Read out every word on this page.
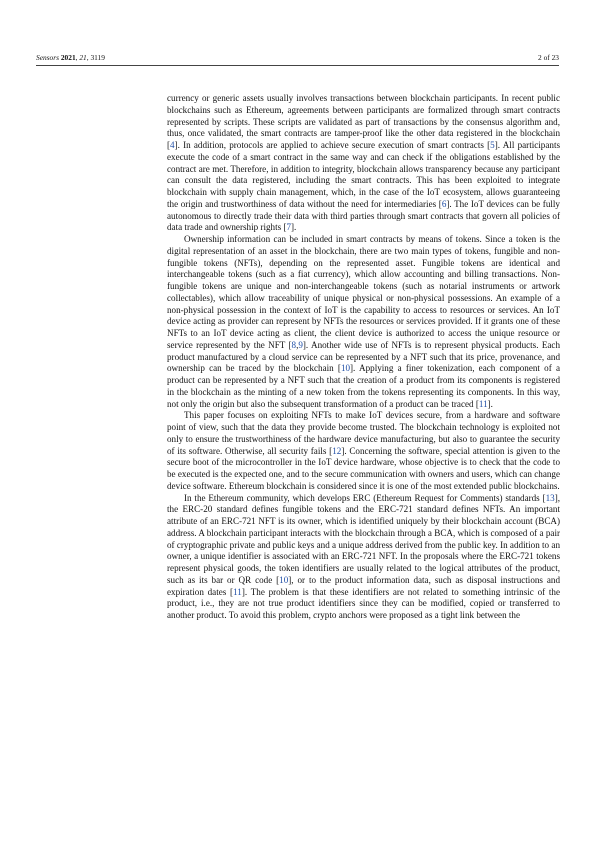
Sensors 2021, 21, 3119	2 of 23

currency or generic assets usually involves transactions between blockchain participants. In recent public blockchains such as Ethereum, agreements between participants are formalized through smart contracts represented by scripts. These scripts are validated as part of transactions by the consensus algorithm and, thus, once validated, the smart contracts are tamper-proof like the other data registered in the blockchain [4]. In addition, protocols are applied to achieve secure execution of smart contracts [5]. All participants execute the code of a smart contract in the same way and can check if the obligations established by the contract are met. Therefore, in addition to integrity, blockchain allows transparency because any participant can consult the data registered, including the smart contracts. This has been exploited to integrate blockchain with supply chain management, which, in the case of the IoT ecosystem, allows guaranteeing the origin and trustworthiness of data without the need for intermediaries [6]. The IoT devices can be fully autonomous to directly trade their data with third parties through smart contracts that govern all policies of data trade and ownership rights [7].

Ownership information can be included in smart contracts by means of tokens. Since a token is the digital representation of an asset in the blockchain, there are two main types of tokens, fungible and non-fungible tokens (NFTs), depending on the represented asset. Fungible tokens are identical and interchangeable tokens (such as a fiat currency), which allow accounting and billing transactions. Non-fungible tokens are unique and non-interchangeable tokens (such as notarial instruments or artwork collectables), which allow traceability of unique physical or non-physical possessions. An example of a non-physical possession in the context of IoT is the capability to access to resources or services. An IoT device acting as provider can represent by NFTs the resources or services provided. If it grants one of these NFTs to an IoT device acting as client, the client device is authorized to access the unique resource or service represented by the NFT [8,9]. Another wide use of NFTs is to represent physical products. Each product manufactured by a cloud service can be represented by a NFT such that its price, provenance, and ownership can be traced by the blockchain [10]. Applying a finer tokenization, each component of a product can be represented by a NFT such that the creation of a product from its components is registered in the blockchain as the minting of a new token from the tokens representing its components. In this way, not only the origin but also the subsequent transformation of a product can be traced [11].

This paper focuses on exploiting NFTs to make IoT devices secure, from a hardware and software point of view, such that the data they provide become trusted. The blockchain technology is exploited not only to ensure the trustworthiness of the hardware device manufacturing, but also to guarantee the security of its software. Otherwise, all security fails [12]. Concerning the software, special attention is given to the secure boot of the microcontroller in the IoT device hardware, whose objective is to check that the code to be executed is the expected one, and to the secure communication with owners and users, which can change device software. Ethereum blockchain is considered since it is one of the most extended public blockchains.

In the Ethereum community, which develops ERC (Ethereum Request for Comments) standards [13], the ERC-20 standard defines fungible tokens and the ERC-721 standard defines NFTs. An important attribute of an ERC-721 NFT is its owner, which is identified uniquely by their blockchain account (BCA) address. A blockchain participant interacts with the blockchain through a BCA, which is composed of a pair of cryptographic private and public keys and a unique address derived from the public key. In addition to an owner, a unique identifier is associated with an ERC-721 NFT. In the proposals where the ERC-721 tokens represent physical goods, the token identifiers are usually related to the logical attributes of the product, such as its bar or QR code [10], or to the product information data, such as disposal instructions and expiration dates [11]. The problem is that these identifiers are not related to something intrinsic of the product, i.e., they are not true product identifiers since they can be modified, copied or transferred to another product. To avoid this problem, crypto anchors were proposed as a tight link between the
